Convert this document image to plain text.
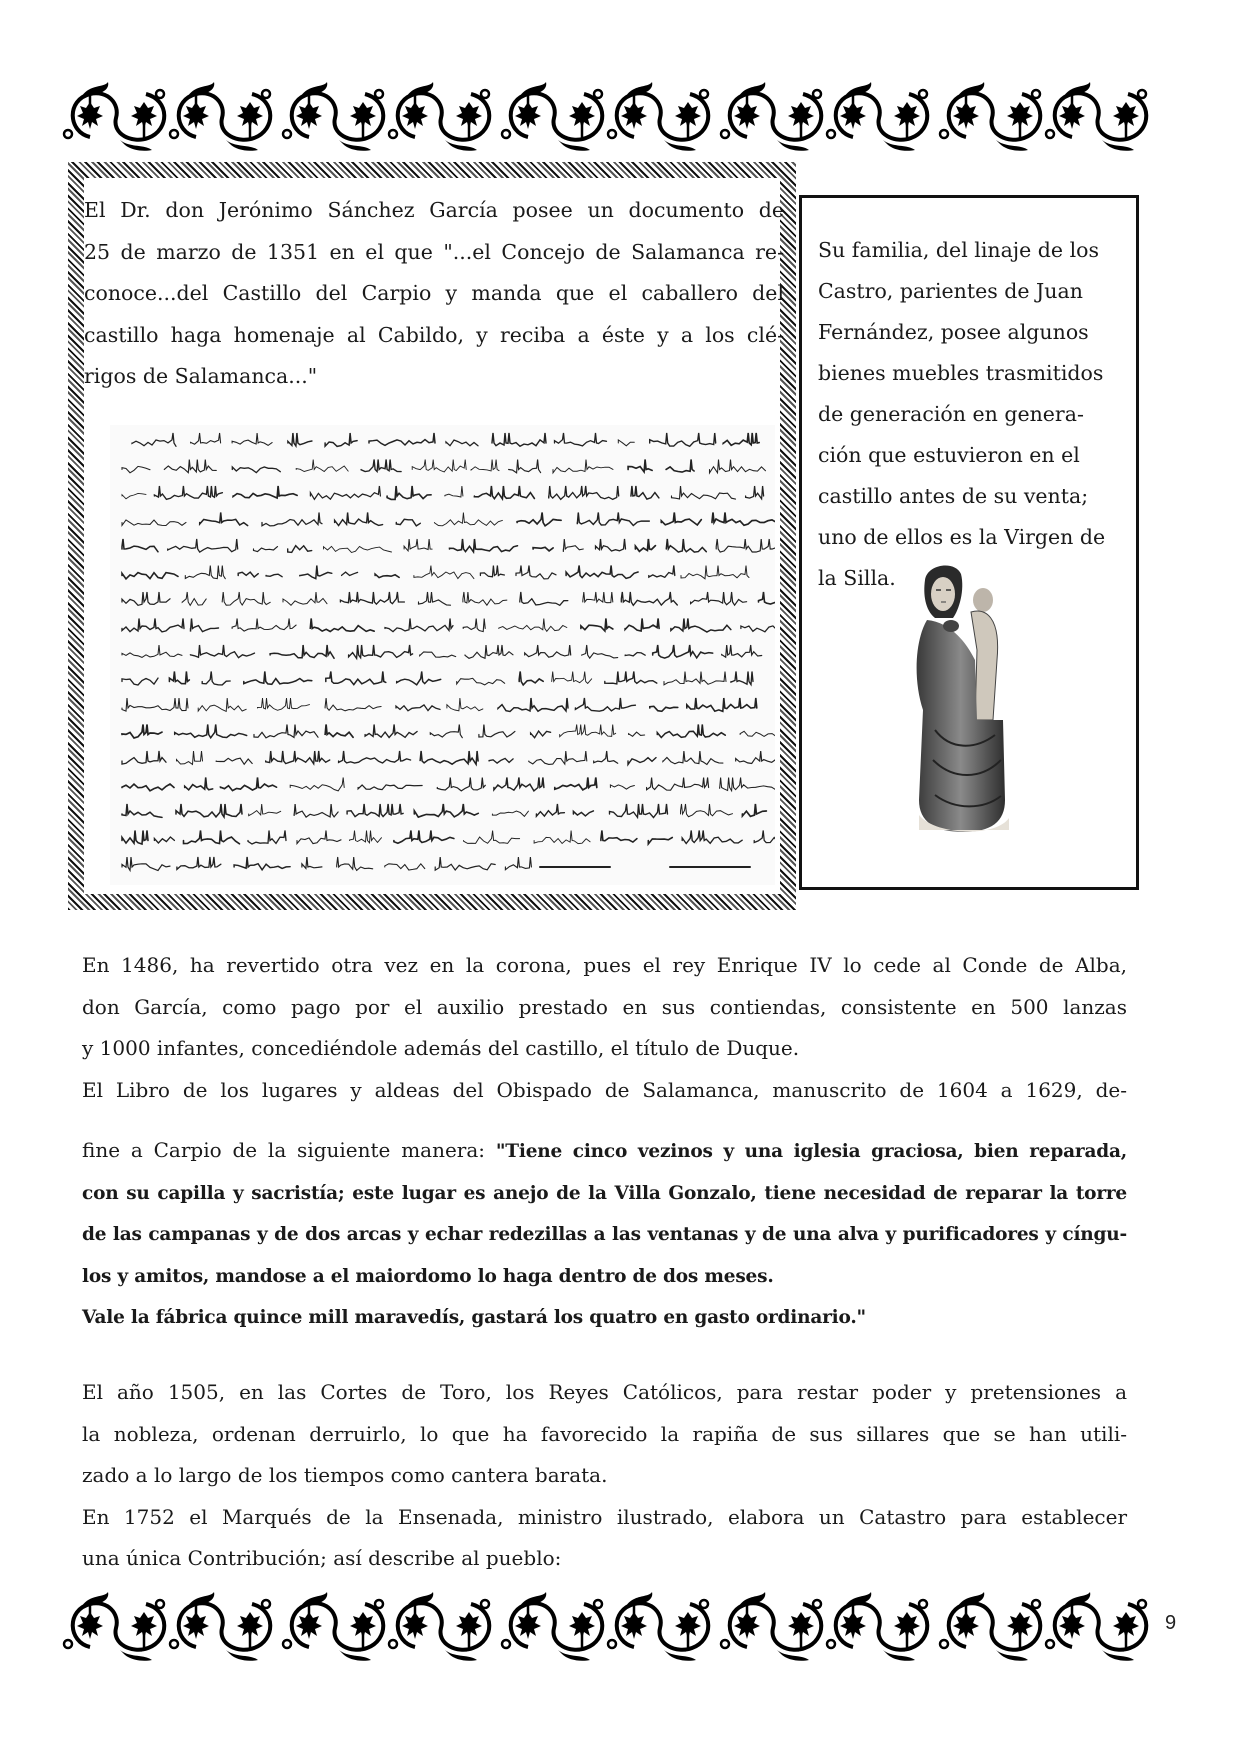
El Dr. don Jerónimo Sánchez García posee un documento de
25 de marzo de 1351 en el que "...el Concejo de Salamanca re-
conoce...del Castillo del Carpio y manda que el caballero del
castillo haga homenaje al Cabildo, y reciba a éste y a los clé-
rigos de Salamanca..."
Su familia, del linaje de los
Castro, parientes de Juan
Fernández, posee algunos
bienes muebles trasmitidos
de generación en genera-
ción que estuvieron en el
castillo antes de su venta;
uno de ellos es la Virgen de
la Silla.
En 1486, ha revertido otra vez en la corona, pues el rey Enrique IV lo cede al Conde de Alba,
don García, como pago por el auxilio prestado en sus contiendas, consistente en 500 lanzas
y 1000 infantes, concediéndole además del castillo, el título de Duque.
El Libro de los lugares y aldeas del Obispado de Salamanca, manuscrito de 1604 a 1629, de-
fine a Carpio de la siguiente manera: "Tiene cinco vezinos y una iglesia graciosa, bien reparada,
con su capilla y sacristía; este lugar es anejo de la Villa Gonzalo, tiene necesidad de reparar la torre
de las campanas y de dos arcas y echar redezillas a las ventanas y de una alva y purificadores y cíngu-
los y amitos, mandose a el maiordomo lo haga dentro de dos meses.
Vale la fábrica quince mill maravedís, gastará los quatro en gasto ordinario."
El año 1505, en las Cortes de Toro, los Reyes Católicos, para restar poder y pretensiones a
la nobleza, ordenan derruirlo, lo que ha favorecido la rapiña de sus sillares que se han utili-
zado a lo largo de los tiempos como cantera barata.
En 1752 el Marqués de la Ensenada, ministro ilustrado, elabora un Catastro para establecer
una única Contribución; así describe al pueblo:
9
